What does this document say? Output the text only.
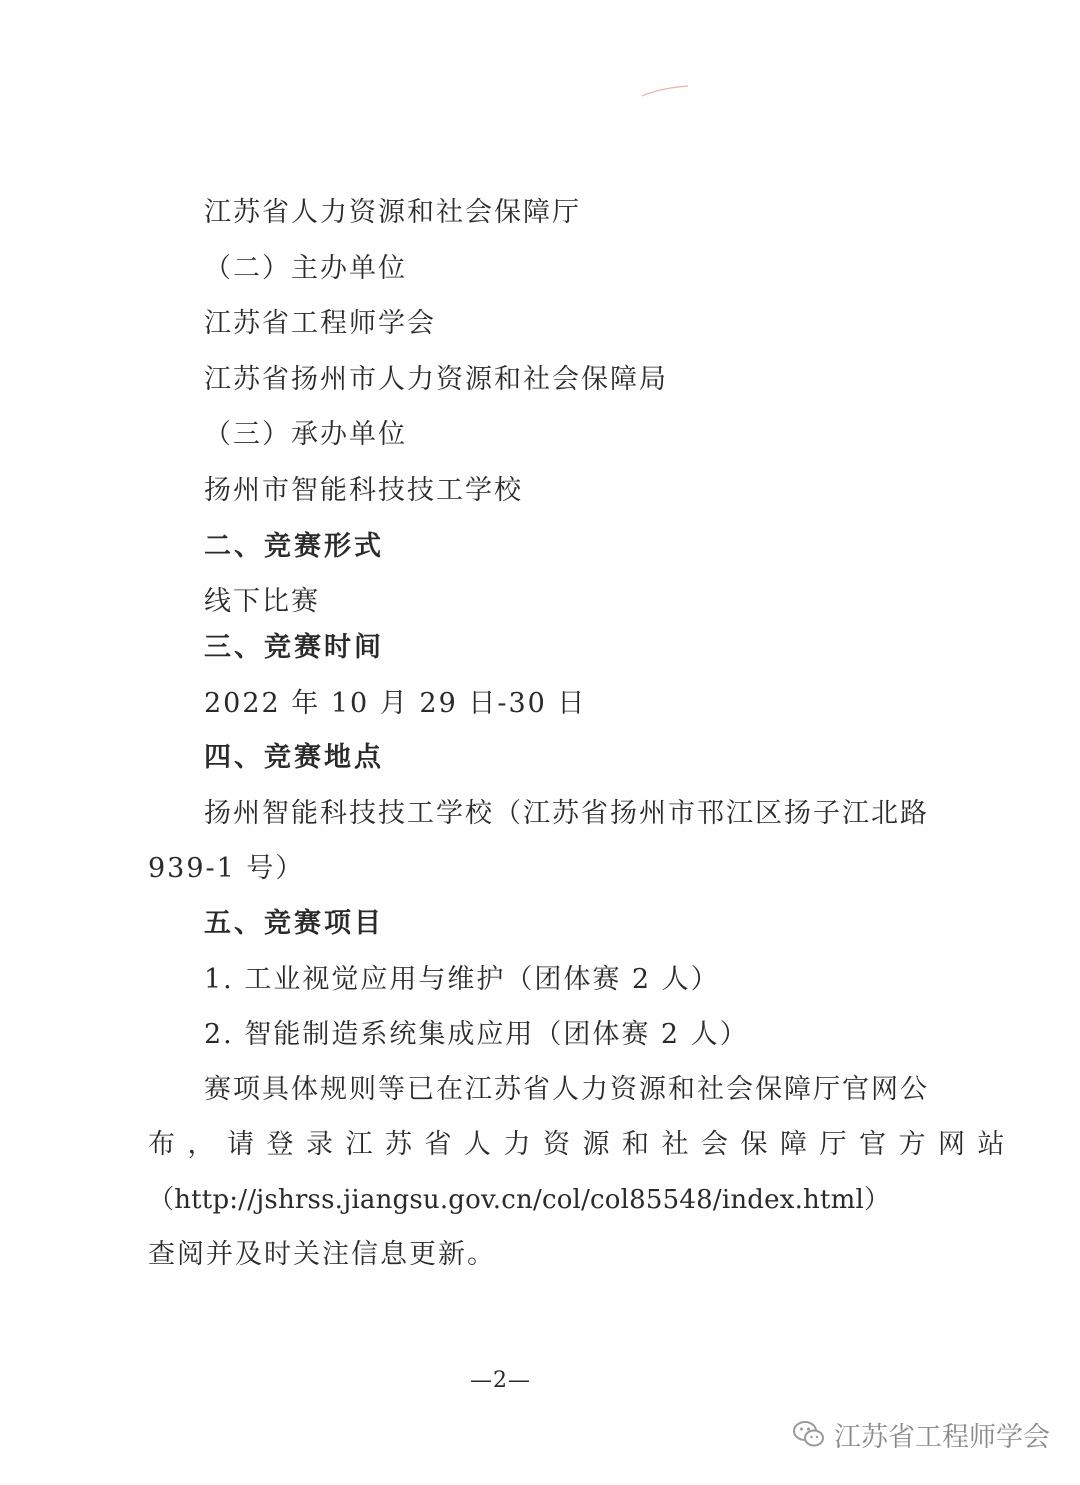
江苏省人力资源和社会保障厅
（二）主办单位
江苏省工程师学会
江苏省扬州市人力资源和社会保障局
（三）承办单位
扬州市智能科技技工学校
二、竞赛形式
线下比赛
三、竞赛时间
2022 年 10 月 29 日-30 日
四、竞赛地点
扬州智能科技技工学校（江苏省扬州市邗江区扬子江北路
939-1 号）
五、竞赛项目
1. 工业视觉应用与维护（团体赛 2 人）
2. 智能制造系统集成应用（团体赛 2 人）
赛项具体规则等已在江苏省人力资源和社会保障厅官网公
布，请登录江苏省人力资源和社会保障厅官方网站
（http://jshrss.jiangsu.gov.cn/col/col85548/index.html）
查阅并及时关注信息更新。
—2—
江苏省工程师学会
